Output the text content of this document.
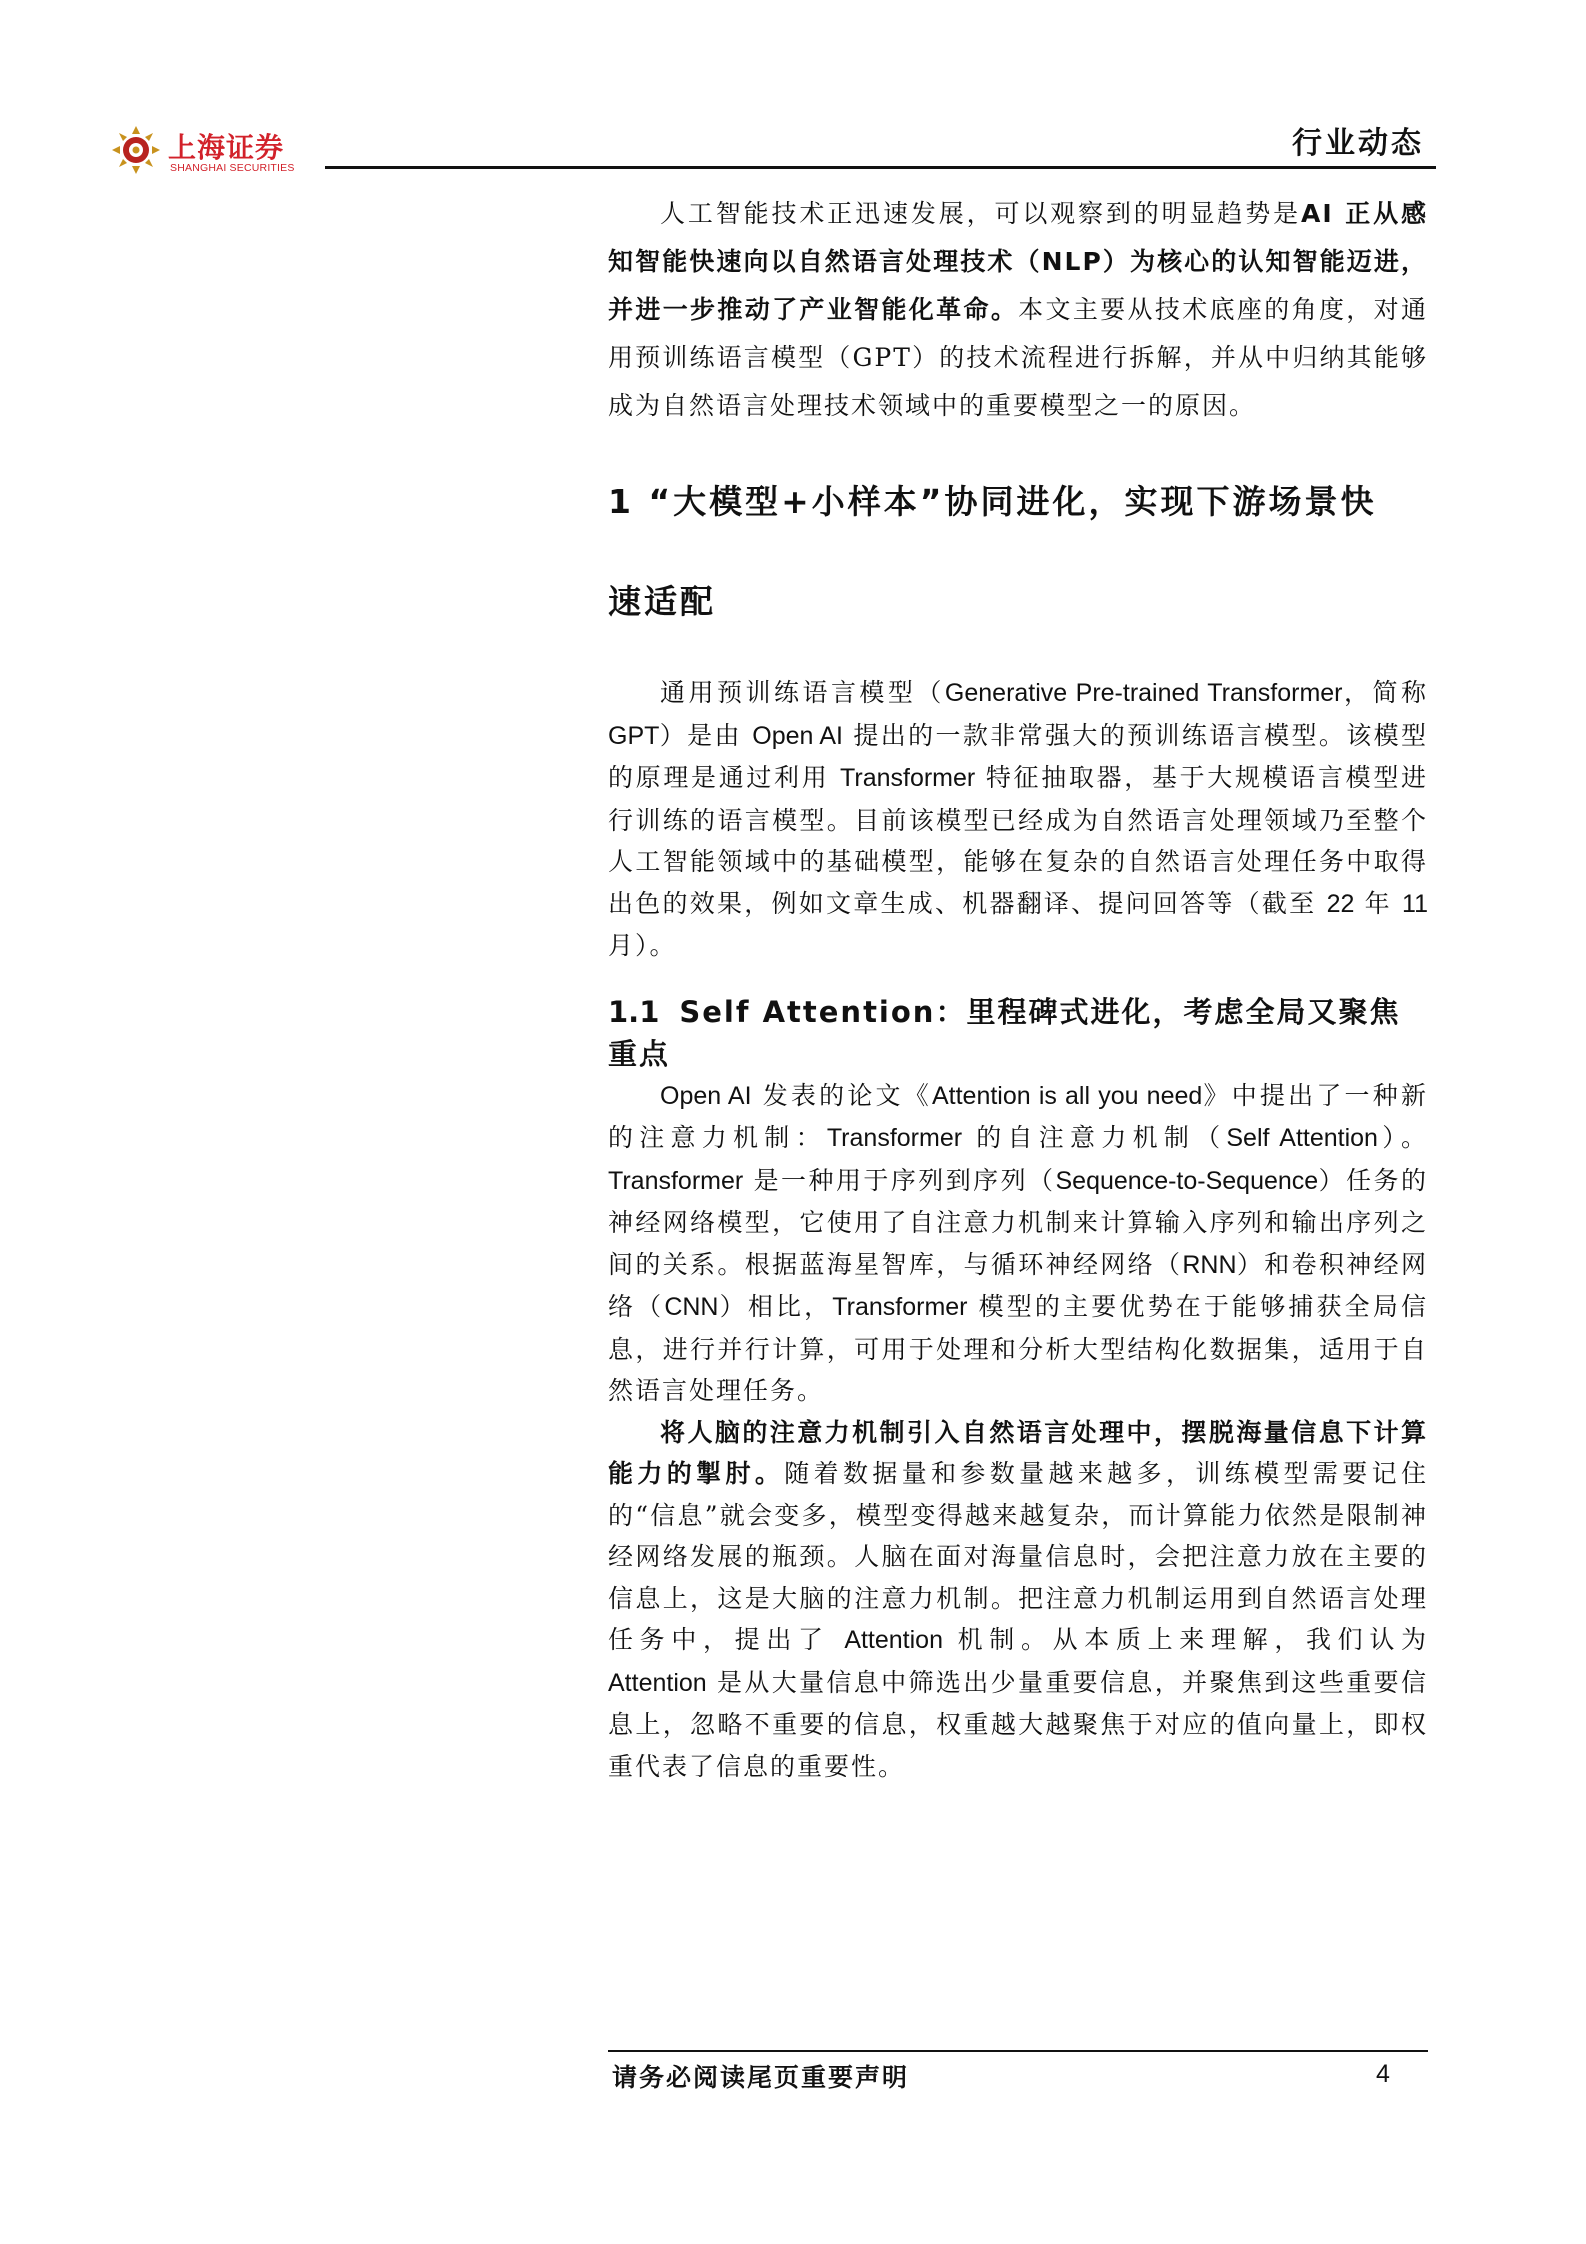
上海证券
SHANGHAI SECURITIES
行业动态

人工智能技术正迅速发展，可以观察到的明显趋势是AI 正从感知智能快速向以自然语言处理技术（NLP）为核心的认知智能迈进，并进一步推动了产业智能化革命。本文主要从技术底座的角度，对通用预训练语言模型（GPT）的技术流程进行拆解，并从中归纳其能够成为自然语言处理技术领域中的重要模型之一的原因。

1 “大模型+小样本”协同进化，实现下游场景快
速适配

通用预训练语言模型（Generative Pre-trained Transformer，简称 GPT）是由 Open AI 提出的一款非常强大的预训练语言模型。该模型的原理是通过利用 Transformer 特征抽取器，基于大规模语言模型进行训练的语言模型。目前该模型已经成为自然语言处理领域乃至整个人工智能领域中的基础模型，能够在复杂的自然语言处理任务中取得出色的效果，例如文章生成、机器翻译、提问回答等（截至 22 年 11 月）。

1.1 Self Attention：里程碑式进化，考虑全局又聚焦重点

Open AI 发表的论文《Attention is all you need》中提出了一种新的注意力机制：Transformer 的自注意力机制（Self Attention）。Transformer 是一种用于序列到序列（Sequence-to-Sequence）任务的神经网络模型，它使用了自注意力机制来计算输入序列和输出序列之间的关系。根据蓝海星智库，与循环神经网络（RNN）和卷积神经网络（CNN）相比，Transformer 模型的主要优势在于能够捕获全局信息，进行并行计算，可用于处理和分析大型结构化数据集，适用于自然语言处理任务。

将人脑的注意力机制引入自然语言处理中，摆脱海量信息下计算能力的掣肘。随着数据量和参数量越来越多，训练模型需要记住的“信息”就会变多，模型变得越来越复杂，而计算能力依然是限制神经网络发展的瓶颈。人脑在面对海量信息时，会把注意力放在主要的信息上，这是大脑的注意力机制。把注意力机制运用到自然语言处理任务中，提出了 Attention 机制。从本质上来理解，我们认为 Attention 是从大量信息中筛选出少量重要信息，并聚焦到这些重要信息上，忽略不重要的信息，权重越大越聚焦于对应的值向量上，即权重代表了信息的重要性。

请务必阅读尾页重要声明	4
